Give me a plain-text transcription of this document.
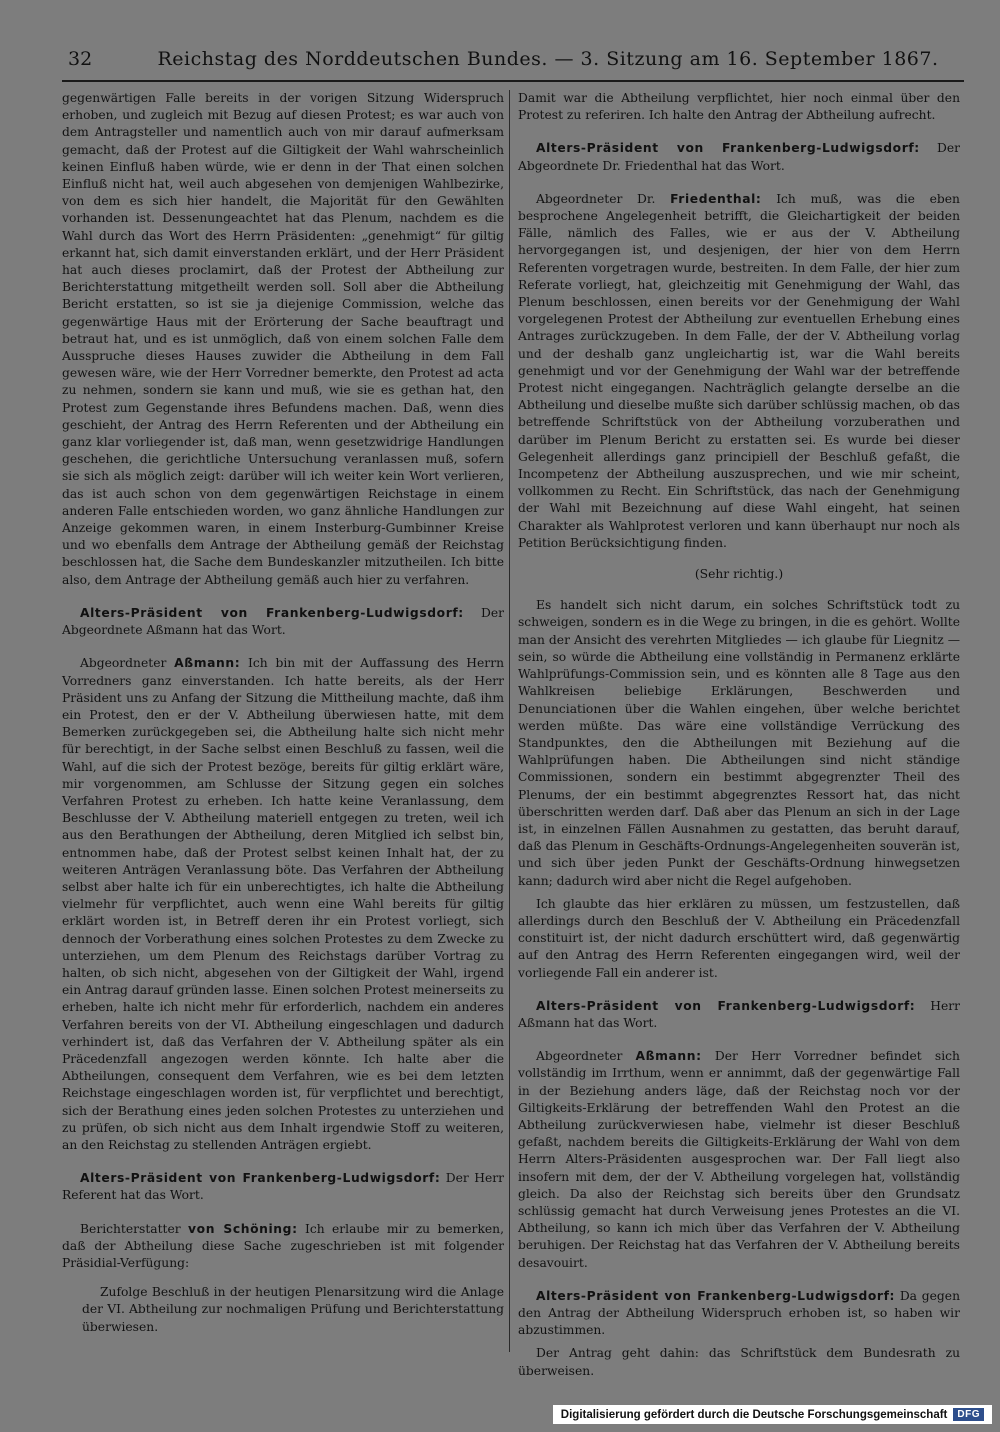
32	Reichstag des Norddeutschen Bundes. — 3. Sitzung am 16. September 1867.

gegenwärtigen Falle bereits in der vorigen Sitzung Widerspruch erhoben, und zugleich mit Bezug auf diesen Protest; es war auch von dem Antragsteller und namentlich auch von mir darauf aufmerksam gemacht, daß der Protest auf die Giltigkeit der Wahl wahrscheinlich keinen Einfluß haben würde, wie er denn in der That einen solchen Einfluß nicht hat, weil auch abgesehen von demjenigen Wahlbezirke, von dem es sich hier handelt, die Majorität für den Gewählten vorhanden ist. Dessenungeachtet hat das Plenum, nachdem es die Wahl durch das Wort des Herrn Präsidenten: „genehmigt“ für giltig erkannt hat, sich damit einverstanden erklärt, und der Herr Präsident hat auch dieses proclamirt, daß der Protest der Abtheilung zur Berichterstattung mitgetheilt werden soll. Soll aber die Abtheilung Bericht erstatten, so ist sie ja diejenige Commission, welche das gegenwärtige Haus mit der Erörterung der Sache beauftragt und betraut hat, und es ist unmöglich, daß von einem solchen Falle dem Ausspruche dieses Hauses zuwider die Abtheilung in dem Fall gewesen wäre, wie der Herr Vorredner bemerkte, den Protest ad acta zu nehmen, sondern sie kann und muß, wie sie es gethan hat, den Protest zum Gegenstande ihres Befundens machen. Daß, wenn dies geschieht, der Antrag des Herrn Referenten und der Abtheilung ein ganz klar vorliegender ist, daß man, wenn gesetzwidrige Handlungen geschehen, die gerichtliche Untersuchung veranlassen muß, sofern sie sich als möglich zeigt: darüber will ich weiter kein Wort verlieren, das ist auch schon von dem gegenwärtigen Reichstage in einem anderen Falle entschieden worden, wo ganz ähnliche Handlungen zur Anzeige gekommen waren, in einem Insterburg-Gumbinner Kreise und wo ebenfalls dem Antrage der Abtheilung gemäß der Reichstag beschlossen hat, die Sache dem Bundeskanzler mitzutheilen. Ich bitte also, dem Antrage der Abtheilung gemäß auch hier zu verfahren.

Alters-Präsident von Frankenberg-Ludwigsdorf: Der Abgeordnete Aßmann hat das Wort.

Abgeordneter Aßmann: Ich bin mit der Auffassung des Herrn Vorredners ganz einverstanden. Ich hatte bereits, als der Herr Präsident uns zu Anfang der Sitzung die Mittheilung machte, daß ihm ein Protest, den er der V. Abtheilung überwiesen hatte, mit dem Bemerken zurückgegeben sei, die Abtheilung halte sich nicht mehr für berechtigt, in der Sache selbst einen Beschluß zu fassen, weil die Wahl, auf die sich der Protest bezöge, bereits für giltig erklärt wäre, mir vorgenommen, am Schlusse der Sitzung gegen ein solches Verfahren Protest zu erheben. Ich hatte keine Veranlassung, dem Beschlusse der V. Abtheilung materiell entgegen zu treten, weil ich aus den Berathungen der Abtheilung, deren Mitglied ich selbst bin, entnommen habe, daß der Protest selbst keinen Inhalt hat, der zu weiteren Anträgen Veranlassung böte. Das Verfahren der Abtheilung selbst aber halte ich für ein unberechtigtes, ich halte die Abtheilung vielmehr für verpflichtet, auch wenn eine Wahl bereits für giltig erklärt worden ist, in Betreff deren ihr ein Protest vorliegt, sich dennoch der Vorberathung eines solchen Protestes zu dem Zwecke zu unterziehen, um dem Plenum des Reichstags darüber Vortrag zu halten, ob sich nicht, abgesehen von der Giltigkeit der Wahl, irgend ein Antrag darauf gründen lasse. Einen solchen Protest meinerseits zu erheben, halte ich nicht mehr für erforderlich, nachdem ein anderes Verfahren bereits von der VI. Abtheilung eingeschlagen und dadurch verhindert ist, daß das Verfahren der V. Abtheilung später als ein Präcedenzfall angezogen werden könnte. Ich halte aber die Abtheilungen, consequent dem Verfahren, wie es bei dem letzten Reichstage eingeschlagen worden ist, für verpflichtet und berechtigt, sich der Berathung eines jeden solchen Protestes zu unterziehen und zu prüfen, ob sich nicht aus dem Inhalt irgendwie Stoff zu weiteren, an den Reichstag zu stellenden Anträgen ergiebt.

Alters-Präsident von Frankenberg-Ludwigsdorf: Der Herr Referent hat das Wort.

Berichterstatter von Schöning: Ich erlaube mir zu bemerken, daß der Abtheilung diese Sache zugeschrieben ist mit folgender Präsidial-Verfügung:

Zufolge Beschluß in der heutigen Plenarsitzung wird die Anlage der VI. Abtheilung zur nochmaligen Prüfung und Berichterstattung überwiesen.

Damit war die Abtheilung verpflichtet, hier noch einmal über den Protest zu referiren. Ich halte den Antrag der Abtheilung aufrecht.

Alters-Präsident von Frankenberg-Ludwigsdorf: Der Abgeordnete Dr. Friedenthal hat das Wort.

Abgeordneter Dr. Friedenthal: Ich muß, was die eben besprochene Angelegenheit betrifft, die Gleichartigkeit der beiden Fälle, nämlich des Falles, wie er aus der V. Abtheilung hervorgegangen ist, und desjenigen, der hier von dem Herrn Referenten vorgetragen wurde, bestreiten. In dem Falle, der hier zum Referate vorliegt, hat, gleichzeitig mit Genehmigung der Wahl, das Plenum beschlossen, einen bereits vor der Genehmigung der Wahl vorgelegenen Protest der Abtheilung zur eventuellen Erhebung eines Antrages zurückzugeben. In dem Falle, der der V. Abtheilung vorlag und der deshalb ganz ungleichartig ist, war die Wahl bereits genehmigt und vor der Genehmigung der Wahl war der betreffende Protest nicht eingegangen. Nachträglich gelangte derselbe an die Abtheilung und dieselbe mußte sich darüber schlüssig machen, ob das betreffende Schriftstück von der Abtheilung vorzuberathen und darüber im Plenum Bericht zu erstatten sei. Es wurde bei dieser Gelegenheit allerdings ganz principiell der Beschluß gefaßt, die Incompetenz der Abtheilung auszusprechen, und wie mir scheint, vollkommen zu Recht. Ein Schriftstück, das nach der Genehmigung der Wahl mit Bezeichnung auf diese Wahl eingeht, hat seinen Charakter als Wahlprotest verloren und kann überhaupt nur noch als Petition Berücksichtigung finden.

(Sehr richtig.)

Es handelt sich nicht darum, ein solches Schriftstück todt zu schweigen, sondern es in die Wege zu bringen, in die es gehört. Wollte man der Ansicht des verehrten Mitgliedes — ich glaube für Liegnitz — sein, so würde die Abtheilung eine vollständig in Permanenz erklärte Wahlprüfungs-Commission sein, und es könnten alle 8 Tage aus den Wahlkreisen beliebige Erklärungen, Beschwerden und Denunciationen über die Wahlen eingehen, über welche berichtet werden müßte. Das wäre eine vollständige Verrückung des Standpunktes, den die Abtheilungen mit Beziehung auf die Wahlprüfungen haben. Die Abtheilungen sind nicht ständige Commissionen, sondern ein bestimmt abgegrenzter Theil des Plenums, der ein bestimmt abgegrenztes Ressort hat, das nicht überschritten werden darf. Daß aber das Plenum an sich in der Lage ist, in einzelnen Fällen Ausnahmen zu gestatten, das beruht darauf, daß das Plenum in Geschäfts-Ordnungs-Angelegenheiten souverän ist, und sich über jeden Punkt der Geschäfts-Ordnung hinwegsetzen kann; dadurch wird aber nicht die Regel aufgehoben.

Ich glaubte das hier erklären zu müssen, um festzustellen, daß allerdings durch den Beschluß der V. Abtheilung ein Präcedenzfall constituirt ist, der nicht dadurch erschüttert wird, daß gegenwärtig auf den Antrag des Herrn Referenten eingegangen wird, weil der vorliegende Fall ein anderer ist.

Alters-Präsident von Frankenberg-Ludwigsdorf: Herr Aßmann hat das Wort.

Abgeordneter Aßmann: Der Herr Vorredner befindet sich vollständig im Irrthum, wenn er annimmt, daß der gegenwärtige Fall in der Beziehung anders läge, daß der Reichstag noch vor der Giltigkeits-Erklärung der betreffenden Wahl den Protest an die Abtheilung zurückverwiesen habe, vielmehr ist dieser Beschluß gefaßt, nachdem bereits die Giltigkeits-Erklärung der Wahl von dem Herrn Alters-Präsidenten ausgesprochen war. Der Fall liegt also insofern mit dem, der der V. Abtheilung vorgelegen hat, vollständig gleich. Da also der Reichstag sich bereits über den Grundsatz schlüssig gemacht hat durch Verweisung jenes Protestes an die VI. Abtheilung, so kann ich mich über das Verfahren der V. Abtheilung beruhigen. Der Reichstag hat das Verfahren der V. Abtheilung bereits desavouirt.

Alters-Präsident von Frankenberg-Ludwigsdorf: Da gegen den Antrag der Abtheilung Widerspruch erhoben ist, so haben wir abzustimmen.

Der Antrag geht dahin: das Schriftstück dem Bundesrath zu überweisen.

Digitalisierung gefördert durch die Deutsche Forschungsgemeinschaft	DFG
